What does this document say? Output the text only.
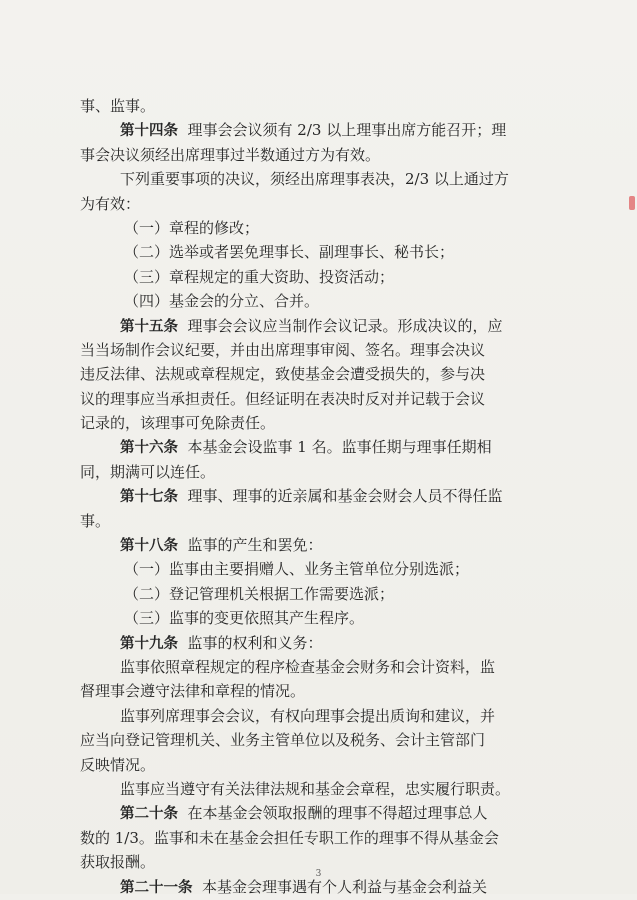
事、监事。
第十四条  理事会会议须有 2/3 以上理事出席方能召开；理
事会决议须经出席理事过半数通过方为有效。
下列重要事项的决议，须经出席理事表决，2/3 以上通过方
为有效：
（一）章程的修改；
（二）选举或者罢免理事长、副理事长、秘书长；
（三）章程规定的重大资助、投资活动；
（四）基金会的分立、合并。
第十五条  理事会会议应当制作会议记录。形成决议的，应
当当场制作会议纪要，并由出席理事审阅、签名。理事会决议
违反法律、法规或章程规定，致使基金会遭受损失的，参与决
议的理事应当承担责任。但经证明在表决时反对并记载于会议
记录的，该理事可免除责任。
第十六条  本基金会设监事 1 名。监事任期与理事任期相
同，期满可以连任。
第十七条  理事、理事的近亲属和基金会财会人员不得任监
事。
第十八条  监事的产生和罢免：
（一）监事由主要捐赠人、业务主管单位分别选派；
（二）登记管理机关根据工作需要选派；
（三）监事的变更依照其产生程序。
第十九条  监事的权利和义务：
监事依照章程规定的程序检查基金会财务和会计资料，监
督理事会遵守法律和章程的情况。
监事列席理事会会议，有权向理事会提出质询和建议，并
应当向登记管理机关、业务主管单位以及税务、会计主管部门
反映情况。
监事应当遵守有关法律法规和基金会章程，忠实履行职责。
第二十条  在本基金会领取报酬的理事不得超过理事总人
数的 1/3。监事和未在基金会担任专职工作的理事不得从基金会
获取报酬。
第二十一条  本基金会理事遇有个人利益与基金会利益关
3
